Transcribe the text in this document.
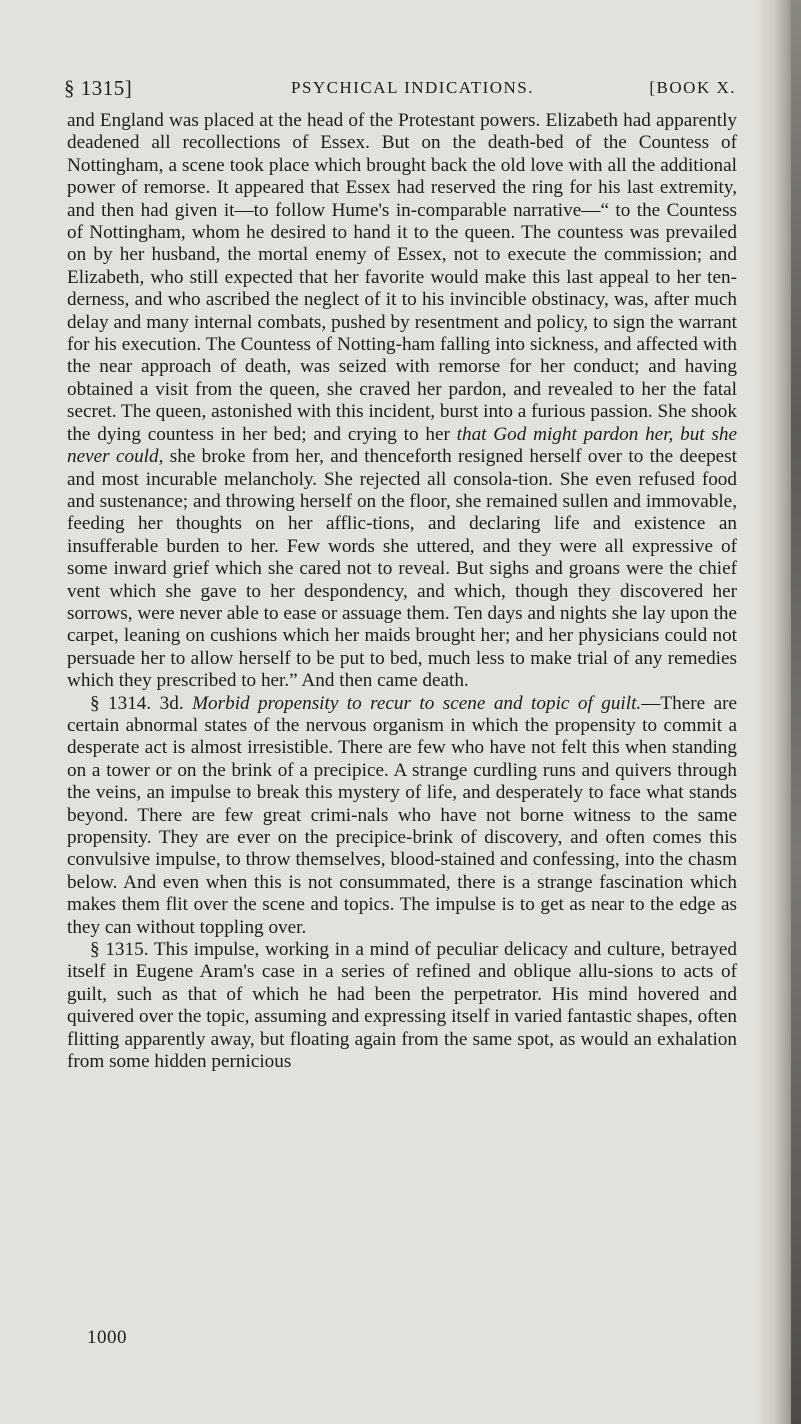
§ 1315]	PSYCHICAL INDICATIONS.	[BOOK X.

and England was placed at the head of the Protestant powers. Elizabeth had apparently deadened all recollections of Essex. But on the death-bed of the Countess of Nottingham, a scene took place which brought back the old love with all the additional power of remorse. It appeared that Essex had reserved the ring for his last extremity, and then had given it—to follow Hume's in-comparable narrative—“ to the Countess of Nottingham, whom he desired to hand it to the queen. The countess was prevailed on by her husband, the mortal enemy of Essex, not to execute the commission; and Elizabeth, who still expected that her favorite would make this last appeal to her ten-derness, and who ascribed the neglect of it to his invincible obstinacy, was, after much delay and many internal combats, pushed by resentment and policy, to sign the warrant for his execution. The Countess of Notting-ham falling into sickness, and affected with the near approach of death, was seized with remorse for her conduct; and having obtained a visit from the queen, she craved her pardon, and revealed to her the fatal secret. The queen, astonished with this incident, burst into a furious passion. She shook the dying countess in her bed; and crying to her that God might pardon her, but she never could, she broke from her, and thenceforth resigned herself over to the deepest and most incurable melancholy. She rejected all consola-tion. She even refused food and sustenance; and throwing herself on the floor, she remained sullen and immovable, feeding her thoughts on her afflic-tions, and declaring life and existence an insufferable burden to her. Few words she uttered, and they were all expressive of some inward grief which she cared not to reveal. But sighs and groans were the chief vent which she gave to her despondency, and which, though they discovered her sorrows, were never able to ease or assuage them. Ten days and nights she lay upon the carpet, leaning on cushions which her maids brought her; and her physicians could not persuade her to allow herself to be put to bed, much less to make trial of any remedies which they prescribed to her.” And then came death.

§ 1314. 3d. Morbid propensity to recur to scene and topic of guilt.—There are certain abnormal states of the nervous organism in which the propensity to commit a desperate act is almost irresistible. There are few who have not felt this when standing on a tower or on the brink of a precipice. A strange curdling runs and quivers through the veins, an impulse to break this mystery of life, and desperately to face what stands beyond. There are few great crimi-nals who have not borne witness to the same propensity. They are ever on the precipice-brink of discovery, and often comes this convulsive impulse, to throw themselves, blood-stained and confessing, into the chasm below. And even when this is not consummated, there is a strange fascination which makes them flit over the scene and topics. The impulse is to get as near to the edge as they can without toppling over.

§ 1315. This impulse, working in a mind of peculiar delicacy and culture, betrayed itself in Eugene Aram's case in a series of refined and oblique allu-sions to acts of guilt, such as that of which he had been the perpetrator. His mind hovered and quivered over the topic, assuming and expressing itself in varied fantastic shapes, often flitting apparently away, but floating again from the same spot, as would an exhalation from some hidden pernicious

1000
